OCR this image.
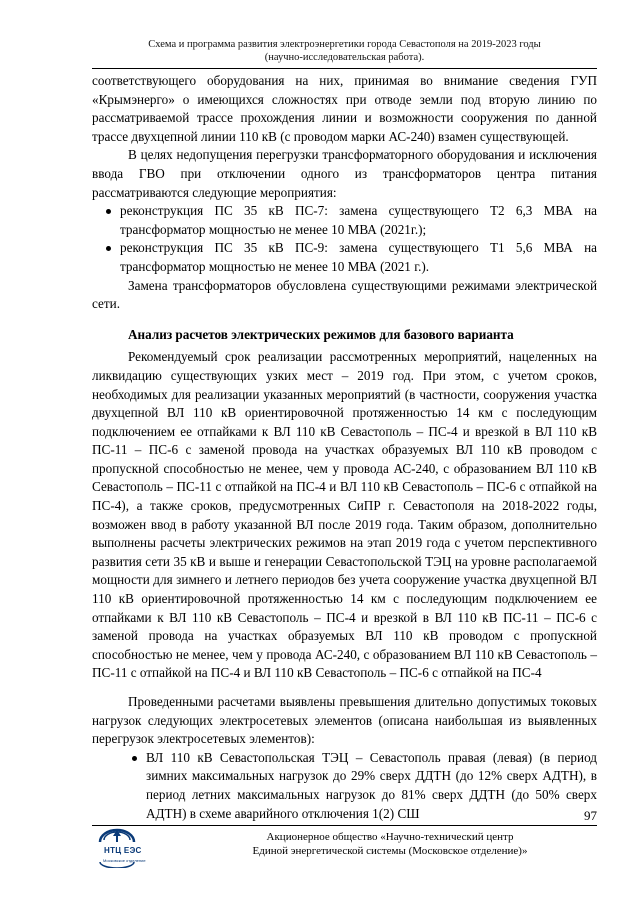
Схема и программа развития электроэнергетики города Севастополя на 2019-2023 годы
(научно-исследовательская работа).

соответствующего оборудования на них, принимая во внимание сведения ГУП «Крымэнерго» о имеющихся сложностях при отводе земли под вторую линию по рассматриваемой трассе прохождения линии и возможности сооружения по данной трассе двухцепной линии 110 кВ (с проводом марки АС-240) взамен существующей.

В целях недопущения перегрузки трансформаторного оборудования и исключения ввода ГВО при отключении одного из трансформаторов центра питания рассматриваются следующие мероприятия:

реконструкция ПС 35 кВ ПС-7: замена существующего Т2 6,3 МВА на трансформатор мощностью не менее 10 МВА (2021г.);
реконструкция ПС 35 кВ ПС-9: замена существующего Т1 5,6 МВА на трансформатор мощностью не менее 10 МВА (2021 г.).

Замена трансформаторов обусловлена существующими режимами электрической сети.

Анализ расчетов электрических режимов для базового варианта

Рекомендуемый срок реализации рассмотренных мероприятий, нацеленных на ликвидацию существующих узких мест – 2019 год. При этом, с учетом сроков, необходимых для реализации указанных мероприятий (в частности, сооружения участка двухцепной ВЛ 110 кВ ориентировочной протяженностью 14 км с последующим подключением ее отпайками к ВЛ 110 кВ Севастополь – ПС-4 и врезкой в ВЛ 110 кВ ПС-11 – ПС-6 с заменой провода на участках образуемых ВЛ 110 кВ проводом с пропускной способностью не менее, чем у провода АС-240, с образованием ВЛ 110 кВ Севастополь – ПС-11 с отпайкой на ПС-4 и ВЛ 110 кВ Севастополь – ПС-6 с отпайкой на ПС-4), а также сроков, предусмотренных СиПР г. Севастополя на 2018-2022 годы, возможен ввод в работу указанной ВЛ после 2019 года. Таким образом, дополнительно выполнены расчеты электрических режимов на этап 2019 года с учетом перспективного развития сети 35 кВ и выше и генерации Севастопольской ТЭЦ на уровне располагаемой мощности для зимнего и летнего периодов без учета сооружение участка двухцепной ВЛ 110 кВ ориентировочной протяженностью 14 км с последующим подключением ее отпайками к ВЛ 110 кВ Севастополь – ПС-4 и врезкой в ВЛ 110 кВ ПС-11 – ПС-6 с заменой провода на участках образуемых ВЛ 110 кВ проводом с пропускной способностью не менее, чем у провода АС-240, с образованием ВЛ 110 кВ Севастополь – ПС-11 с отпайкой на ПС-4 и ВЛ 110 кВ Севастополь – ПС-6 с отпайкой на ПС-4

Проведенными расчетами выявлены превышения длительно допустимых токовых нагрузок следующих электросетевых элементов (описана наибольшая из выявленных перегрузок электросетевых элементов):

ВЛ 110 кВ Севастопольская ТЭЦ – Севастополь правая (левая) (в период зимних максимальных нагрузок до 29% сверх ДДТН (до 12% сверх АДТН), в период летних максимальных нагрузок до 81% сверх ДДТН (до 50% сверх АДТН) в схеме аварийного отключения 1(2) СШ	97
НТЦ ЕЭС
Московское отделение
Акционерное общество «Научно-технический центр
Единой энергетической системы (Московское отделение)»
